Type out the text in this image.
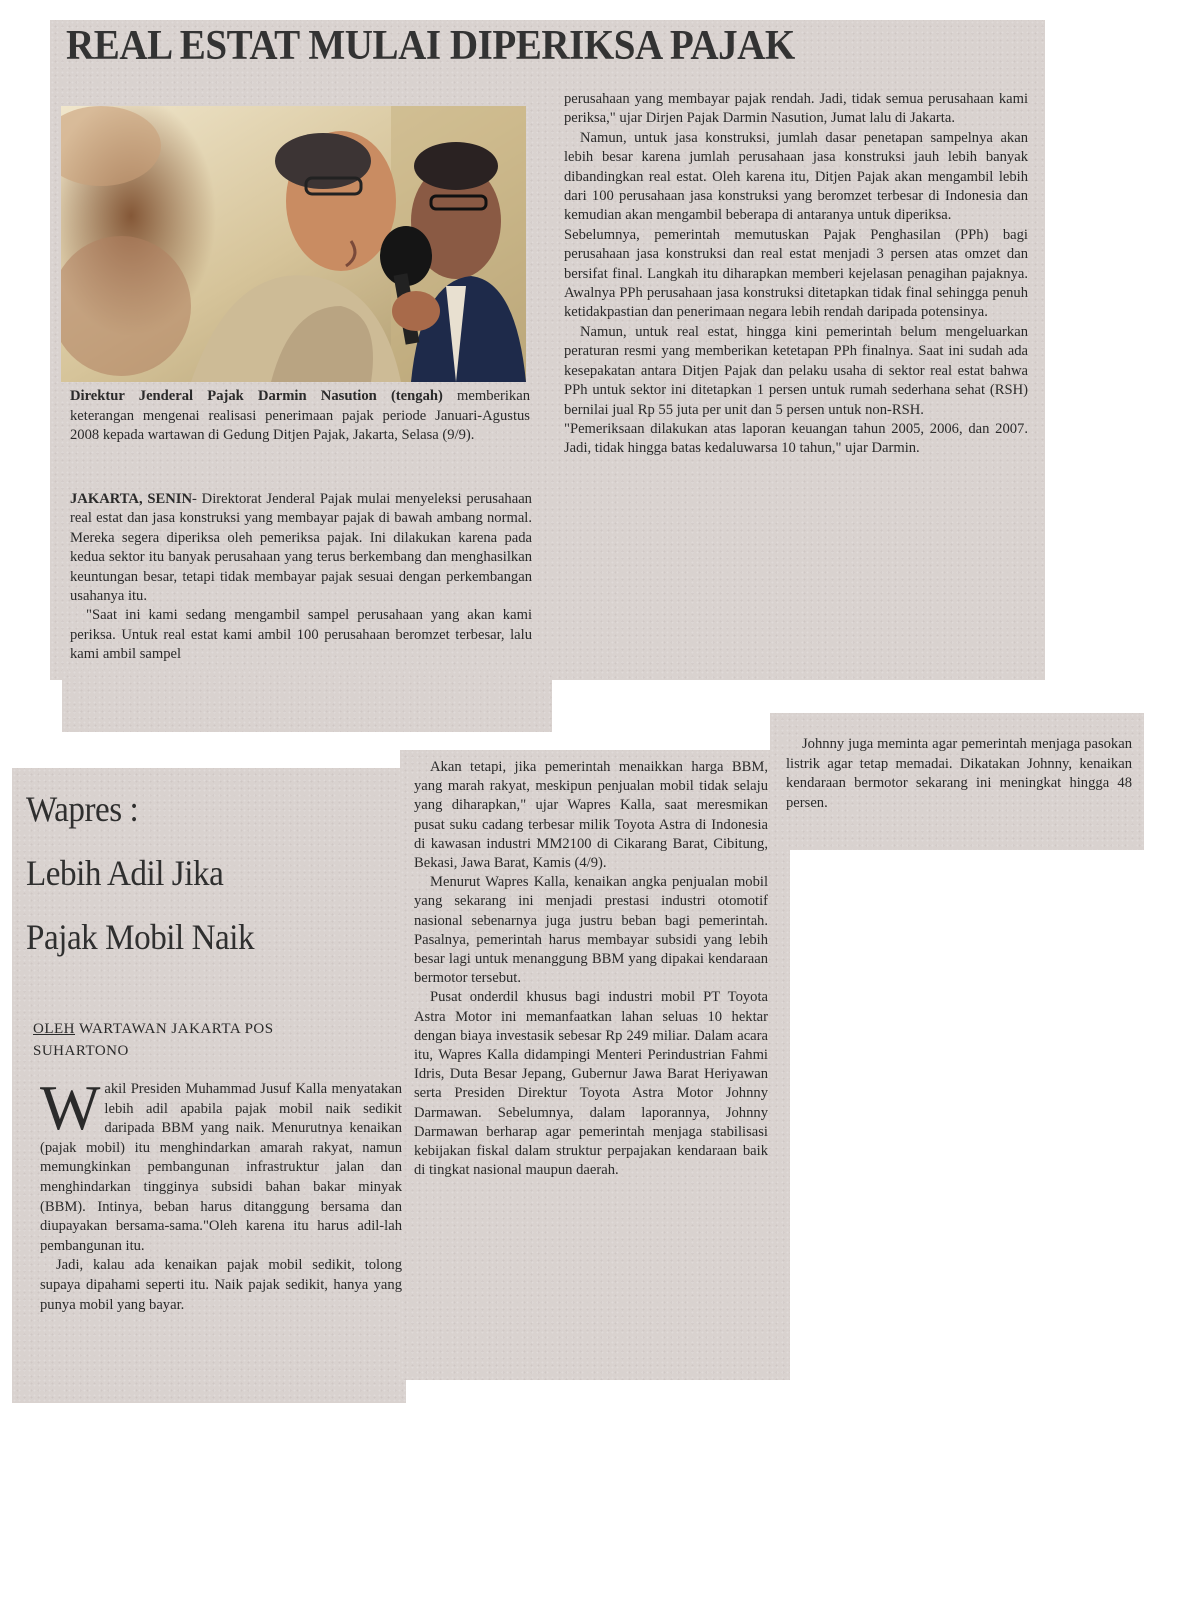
REAL ESTAT MULAI DIPERIKSA PAJAK
Direktur Jenderal Pajak Darmin Nasution (tengah) memberikan keterangan mengenai realisasi penerimaan pajak periode Januari-Agustus 2008 kepada wartawan di Gedung Ditjen Pajak, Jakarta, Selasa (9/9).

JAKARTA, SENIN- Direktorat Jenderal Pajak mulai menyeleksi perusahaan real estat dan jasa konstruksi yang membayar pajak di bawah ambang normal. Mereka segera diperiksa oleh pemeriksa pajak. Ini dilakukan karena pada kedua sektor itu banyak perusahaan yang terus berkembang dan menghasilkan keuntungan besar, tetapi tidak membayar pajak sesuai dengan perkembangan usahanya itu.

"Saat ini kami sedang mengambil sampel perusahaan yang akan kami periksa. Untuk real estat kami ambil 100 perusahaan beromzet terbesar, lalu kami ambil sampel

perusahaan yang membayar pajak rendah. Jadi, tidak semua perusahaan kami periksa," ujar Dirjen Pajak Darmin Nasution, Jumat lalu di Jakarta.

Namun, untuk jasa konstruksi, jumlah dasar penetapan sampelnya akan lebih besar karena jumlah perusahaan jasa konstruksi jauh lebih banyak dibandingkan real estat. Oleh karena itu, Ditjen Pajak akan mengambil lebih dari 100 perusahaan jasa konstruksi yang beromzet terbesar di Indonesia dan kemudian akan mengambil beberapa di antaranya untuk diperiksa.

Sebelumnya, pemerintah memutuskan Pajak Penghasilan (PPh) bagi perusahaan jasa konstruksi dan real estat menjadi 3 persen atas omzet dan bersifat final. Langkah itu diharapkan memberi kejelasan penagihan pajaknya. Awalnya PPh perusahaan jasa konstruksi ditetapkan tidak final sehingga penuh ketidakpastian dan penerimaan negara lebih rendah daripada potensinya.

Namun, untuk real estat, hingga kini pemerintah belum mengeluarkan peraturan resmi yang memberikan ketetapan PPh finalnya. Saat ini sudah ada kesepakatan antara Ditjen Pajak dan pelaku usaha di sektor real estat bahwa PPh untuk sektor ini ditetapkan 1 persen untuk rumah sederhana sehat (RSH) bernilai jual Rp 55 juta per unit dan 5 persen untuk non-RSH.

"Pemeriksaan dilakukan atas laporan keuangan tahun 2005, 2006, dan 2007. Jadi, tidak hingga batas kedaluwarsa 10 tahun," ujar Darmin.

Wapres :
Lebih Adil Jika
Pajak Mobil Naik
OLEH WARTAWAN JAKARTA POS
SUHARTONO

Wakil Presiden Muhammad Jusuf Kalla menyatakan lebih adil apabila pajak mobil naik sedikit daripada BBM yang naik. Menurutnya kenaikan (pajak mobil) itu menghindarkan amarah rakyat, namun memungkinkan pembangunan infrastruktur jalan dan menghindarkan tingginya subsidi bahan bakar minyak (BBM). Intinya, beban harus ditanggung bersama dan diupayakan bersama-sama."Oleh karena itu harus adil-lah pembangunan itu.

Jadi, kalau ada kenaikan pajak mobil sedikit, tolong supaya dipahami seperti itu. Naik pajak sedikit, hanya yang punya mobil yang bayar.

Akan tetapi, jika pemerintah menaikkan harga BBM, yang marah rakyat, meskipun penjualan mobil tidak selaju yang diharapkan," ujar Wapres Kalla, saat meresmikan pusat suku cadang terbesar milik Toyota Astra di Indonesia di kawasan industri MM2100 di Cikarang Barat, Cibitung, Bekasi, Jawa Barat, Kamis (4/9).

Menurut Wapres Kalla, kenaikan angka penjualan mobil yang sekarang ini menjadi prestasi industri otomotif nasional sebenarnya juga justru beban bagi pemerintah. Pasalnya, pemerintah harus membayar subsidi yang lebih besar lagi untuk menanggung BBM yang dipakai kendaraan bermotor tersebut.

Pusat onderdil khusus bagi industri mobil PT Toyota Astra Motor ini memanfaatkan lahan seluas 10 hektar dengan biaya investasik sebesar Rp 249 miliar. Dalam acara itu, Wapres Kalla didampingi Menteri Perindustrian Fahmi Idris, Duta Besar Jepang, Gubernur Jawa Barat Heriyawan serta Presiden Direktur Toyota Astra Motor Johnny Darmawan. Sebelumnya, dalam laporannya, Johnny Darmawan berharap agar pemerintah menjaga stabilisasi kebijakan fiskal dalam struktur perpajakan kendaraan baik di tingkat nasional maupun daerah.

Johnny juga meminta agar pemerintah menjaga pasokan listrik agar tetap memadai. Dikatakan Johnny, kenaikan kendaraan bermotor sekarang ini meningkat hingga 48 persen.
